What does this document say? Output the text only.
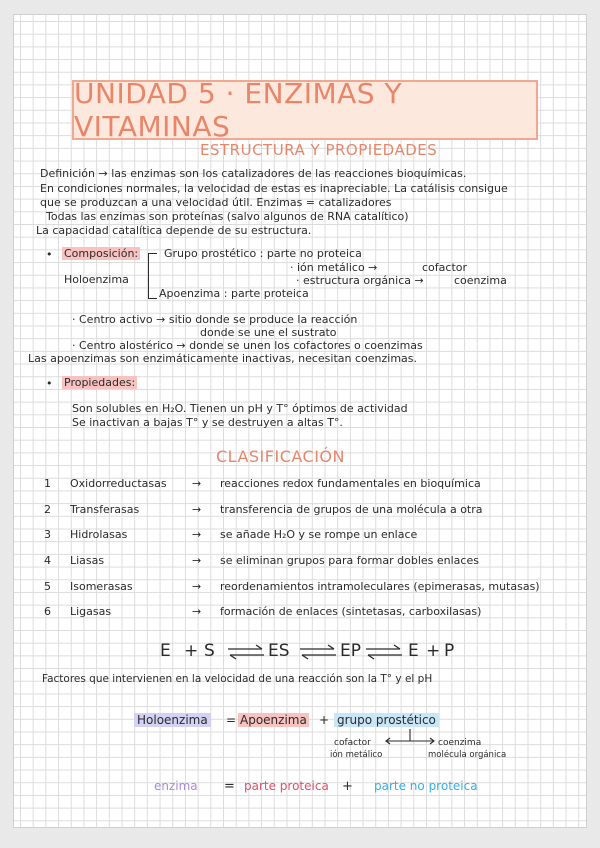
UNIDAD 5 · ENZIMAS Y VITAMINAS
ESTRUCTURA Y PROPIEDADES
Definición → las enzimas son los catalizadores de las reacciones bioquímicas.
En condiciones normales, la velocidad de estas es inapreciable. La catálisis consigue
que se produzcan a una velocidad útil. Enzimas = catalizadores
Todas las enzimas son proteínas (salvo algunos de RNA catalítico)
La capacidad catalítica depende de su estructura.
• Composición: Grupo prostético : parte no proteica
· ión metálico →	cofactor
· estructura orgánica →	coenzima
Holoenzima
Apoenzima : parte proteica
· Centro activo → sitio donde se produce la reacción
donde se une el sustrato
· Centro alostérico → donde se unen los cofactores o coenzimas
Las apoenzimas son enzimáticamente inactivas, necesitan coenzimas.
• Propiedades:
Son solubles en H₂O. Tienen un pH y T° óptimos de actividad
Se inactivan a bajas T° y se destruyen a altas T°.
CLASIFICACIÓN
1 Oxidorreductasas → reacciones redox fundamentales en bioquímica
2 Transferasas	→ transferencia de grupos de una molécula a otra
3 Hidrolasas	→ se añade H₂O y se rompe un enlace
4 Liasas	→ se eliminan grupos para formar dobles enlaces
5 Isomerasas	→ reordenamientos intramoleculares (epimerasas, mutasas)
6 Ligasas	→ formación de enlaces (sintetasas, carboxilasas)
E + S ⇌ ES ⇌ EP ⇌ E + P
Factores que intervienen en la velocidad de una reacción son la T° y el pH
Holoenzima = Apoenzima + grupo prostético
cofactor
ión metálico
coenzima
molécula orgánica
enzima = parte proteica + parte no proteica
